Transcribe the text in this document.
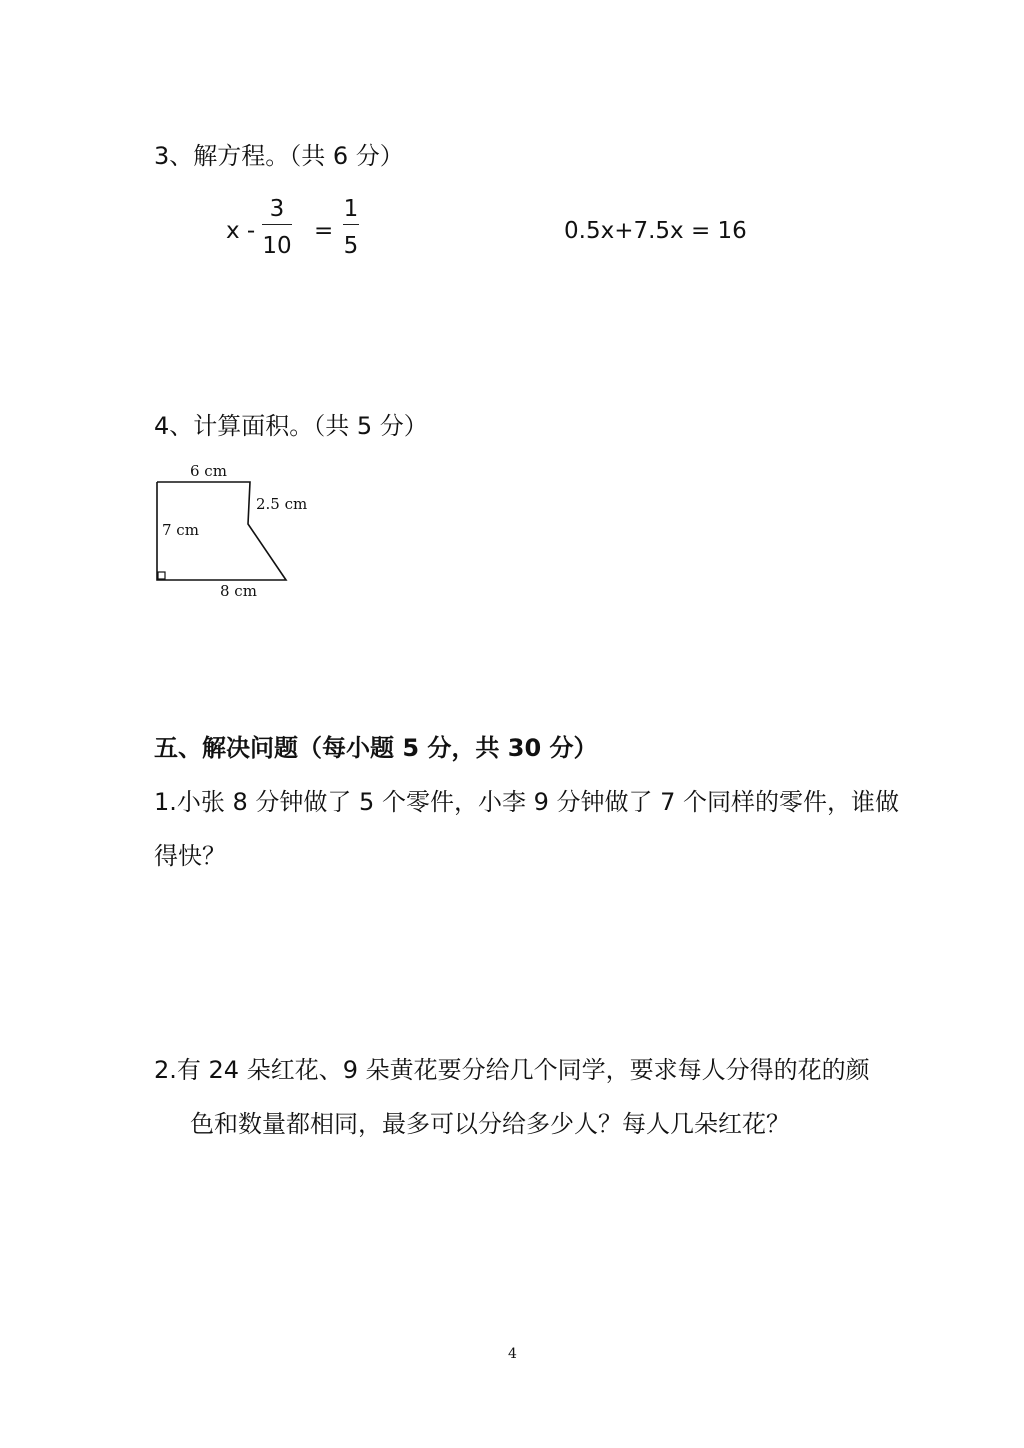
3、解方程。（共 6 分）
x -
3
10
=
1
5
0.5x+7.5x = 16
4、计算面积。（共 5 分）
6 cm
2.5 cm
7 cm
8 cm
五、解决问题（每小题 5 分，共 30 分）
1.小张 8 分钟做了 5 个零件，小李 9 分钟做了 7 个同样的零件，谁做
得快？
2.有 24 朵红花、9 朵黄花要分给几个同学，要求每人分得的花的颜
色和数量都相同，最多可以分给多少人？每人几朵红花？
4
